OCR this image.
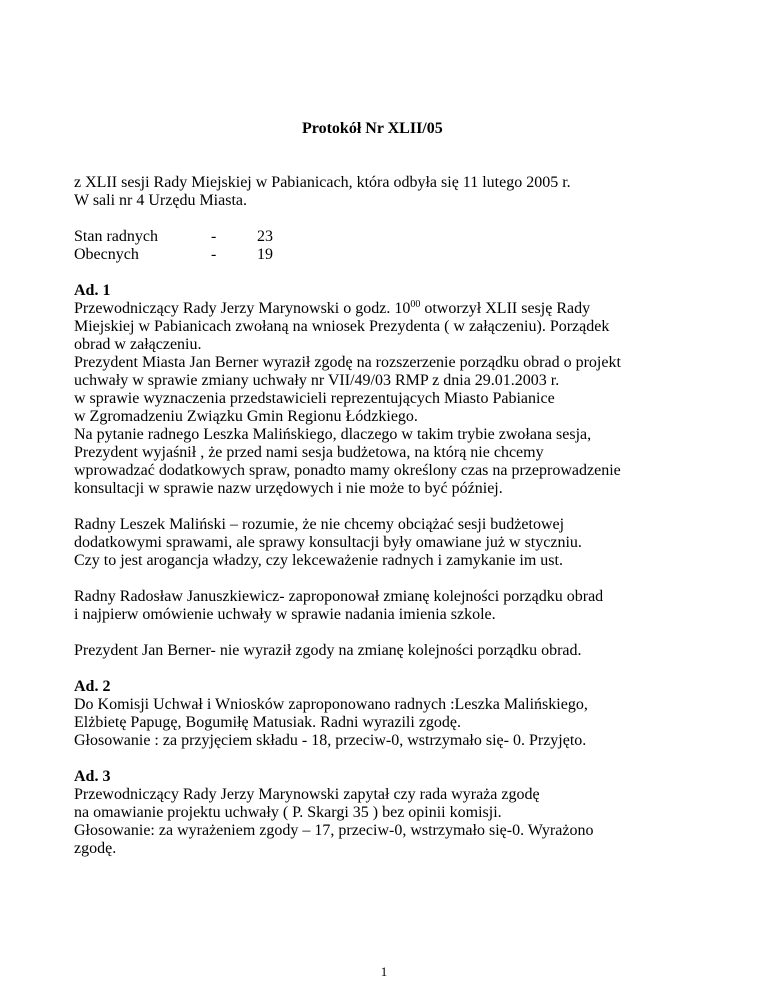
Protokół Nr XLII/05
z XLII sesji Rady Miejskiej w Pabianicach, która odbyła się 11 lutego 2005 r.
W sali nr 4 Urzędu Miasta.
Stan radnych	-	23
Obecnych	-	19
Ad. 1
Przewodniczący Rady Jerzy Marynowski o godz. $10^{00}$ otworzył XLII sesję Rady
Miejskiej w Pabianicach zwołaną na wniosek Prezydenta ( w załączeniu). Porządek
obrad w załączeniu.
Prezydent Miasta Jan Berner wyraził zgodę na rozszerzenie porządku obrad o projekt
uchwały w sprawie zmiany uchwały nr VII/49/03 RMP z dnia 29.01.2003 r.
w sprawie wyznaczenia przedstawicieli reprezentujących Miasto Pabianice
w Zgromadzeniu Związku Gmin Regionu Łódzkiego.
Na pytanie radnego Leszka Malińskiego, dlaczego w takim trybie zwołana sesja,
Prezydent wyjaśnił , że przed nami sesja budżetowa, na którą nie chcemy
wprowadzać dodatkowych spraw, ponadto mamy określony czas na przeprowadzenie
konsultacji w sprawie nazw urzędowych i nie może to być później.
Radny Leszek Maliński – rozumie, że nie chcemy obciążać sesji budżetowej
dodatkowymi sprawami, ale sprawy konsultacji były omawiane już w styczniu.
Czy to jest arogancja władzy, czy lekceważenie radnych i zamykanie im ust.
Radny Radosław Januszkiewicz- zaproponował zmianę kolejności porządku obrad
i najpierw omówienie uchwały w sprawie nadania imienia szkole.
Prezydent Jan Berner- nie wyraził zgody na zmianę kolejności porządku obrad.
Ad. 2
Do Komisji Uchwał i Wniosków zaproponowano radnych :Leszka Malińskiego,
Elżbietę Papugę, Bogumiłę Matusiak. Radni wyrazili zgodę.
Głosowanie : za przyjęciem składu - 18, przeciw-0, wstrzymało się- 0. Przyjęto.
Ad. 3
Przewodniczący Rady Jerzy Marynowski zapytał czy rada wyraża zgodę
na omawianie projektu uchwały ( P. Skargi 35 ) bez opinii komisji.
Głosowanie: za wyrażeniem zgody – 17, przeciw-0, wstrzymało się-0. Wyrażono
zgodę.
1
